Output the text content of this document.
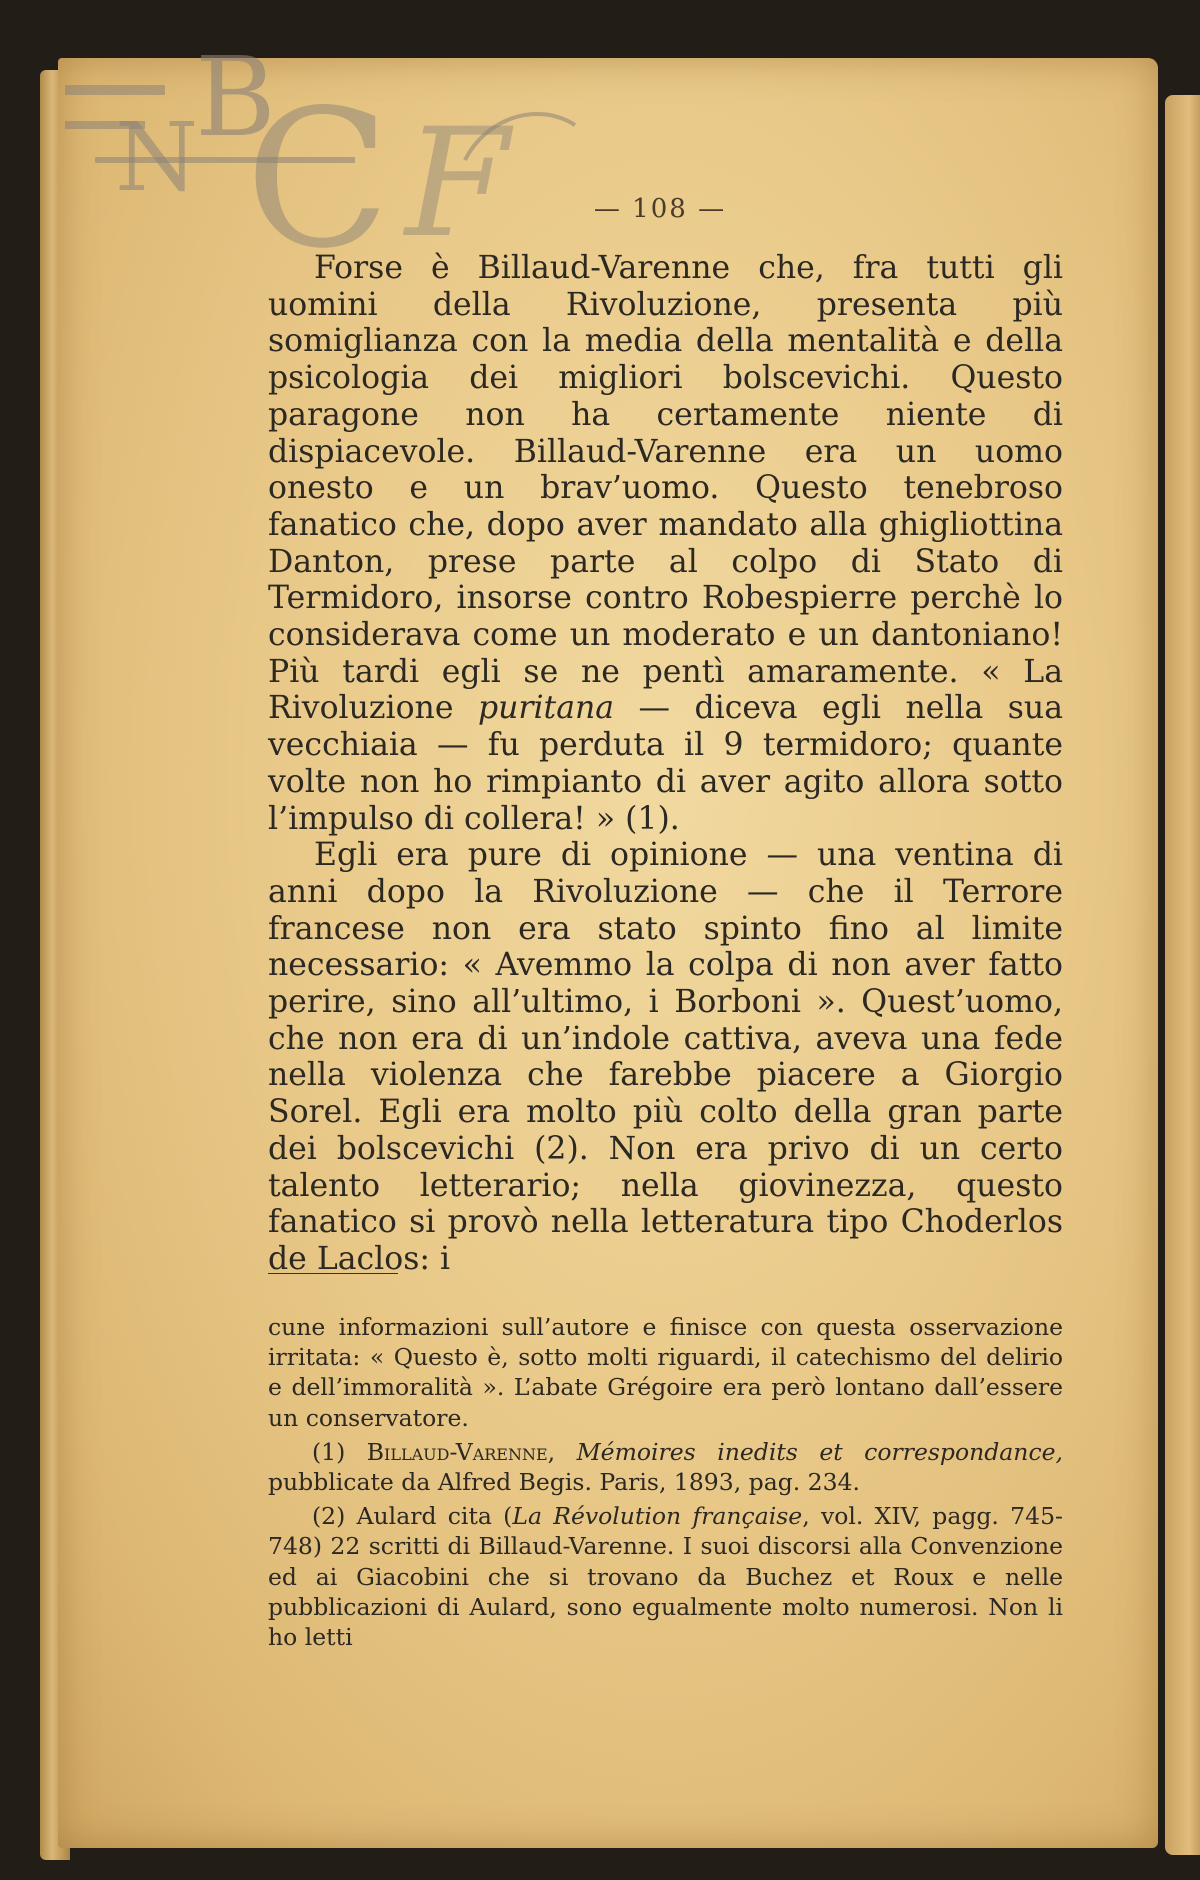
B
N C F	— 108 —

Forse è Billaud-Varenne che, fra tutti gli uomini della Rivoluzione, presenta più somiglianza con la media della mentalità e della psicologia dei migliori bolscevichi. Questo paragone non ha certamente niente di dispiacevole. Billaud-Varenne era un uomo onesto e un brav’uomo. Questo tenebroso fanatico che, dopo aver mandato alla ghigliottina Danton, prese parte al colpo di Stato di Termidoro, insorse contro Robespierre perchè lo considerava come un moderato e un dantoniano! Più tardi egli se ne pentì amaramente. « La Rivoluzione puritana — diceva egli nella sua vecchiaia — fu perduta il 9 termidoro; quante volte non ho rimpianto di aver agito allora sotto l’impulso di collera! » (1).

Egli era pure di opinione — una ventina di anni dopo la Rivoluzione — che il Terrore francese non era stato spinto fino al limite necessario: « Avemmo la colpa di non aver fatto perire, sino all’ultimo, i Borboni ». Quest’uomo, che non era di un’indole cattiva, aveva una fede nella violenza che farebbe piacere a Giorgio Sorel. Egli era molto più colto della gran parte dei bolscevichi (2). Non era privo di un certo talento letterario; nella giovinezza, questo fanatico si provò nella letteratura tipo Choderlos de Laclos: i

cune informazioni sull’autore e finisce con questa osservazione irritata: « Questo è, sotto molti riguardi, il catechismo del delirio e dell’immoralità ». L’abate Grégoire era però lontano dall’essere un conservatore.

(1) Billaud-Varenne, Mémoires inedits et correspondance, pubblicate da Alfred Begis. Paris, 1893, pag. 234.

(2) Aulard cita (La Révolution française, vol. XIV, pagg. 745-748) 22 scritti di Billaud-Varenne. I suoi discorsi alla Convenzione ed ai Giacobini che si trovano da Buchez et Roux e nelle pubblicazioni di Aulard, sono egualmente molto numerosi. Non li ho letti
